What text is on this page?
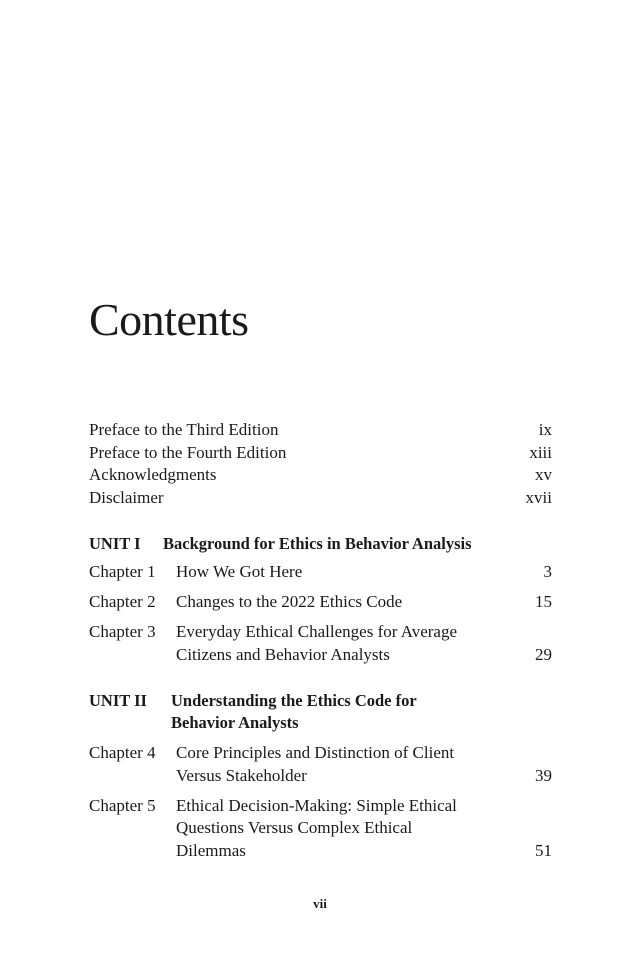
Contents
Preface to the Third Edition	ix
Preface to the Fourth Edition	xiii
Acknowledgments	xv
Disclaimer	xvii
UNIT I	Background for Ethics in Behavior Analysis
Chapter 1	How We Got Here	3
Chapter 2	Changes to the 2022 Ethics Code	15
Chapter 3	Everyday Ethical Challenges for Average
Citizens and Behavior Analysts	29
UNIT II	Understanding the Ethics Code for
Behavior Analysts
Chapter 4	Core Principles and Distinction of Client
Versus Stakeholder	39
Chapter 5	Ethical Decision-Making: Simple Ethical
Questions Versus Complex Ethical
Dilemmas	51
vii
